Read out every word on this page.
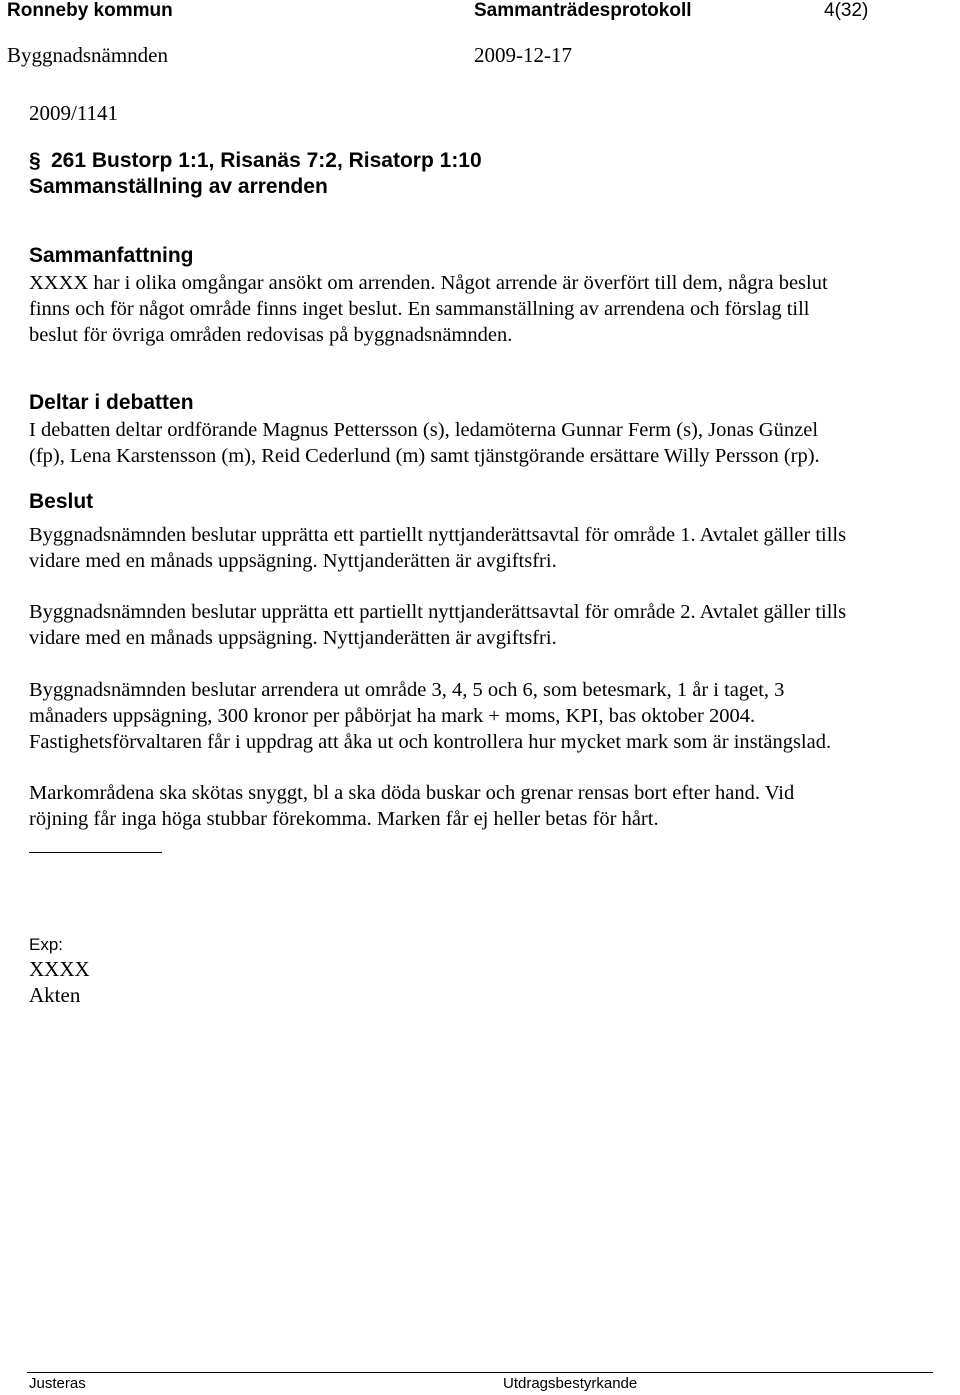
Ronneby kommun	Sammanträdesprotokoll	4(32)
Byggnadsnämnden	2009-12-17
2009/1141
§ 261 Bustorp 1:1, Risanäs 7:2, Risatorp 1:10
Sammanställning av arrenden
Sammanfattning
XXXX har i olika omgångar ansökt om arrenden. Något arrende är överfört till dem, några beslut
finns och för något område finns inget beslut. En sammanställning av arrendena och förslag till
beslut för övriga områden redovisas på byggnadsnämnden.
Deltar i debatten
I debatten deltar ordförande Magnus Pettersson (s), ledamöterna Gunnar Ferm (s), Jonas Günzel
(fp), Lena Karstensson (m), Reid Cederlund (m) samt tjänstgörande ersättare Willy Persson (rp).
Beslut
Byggnadsnämnden beslutar upprätta ett partiellt nyttjanderättsavtal för område 1. Avtalet gäller tills
vidare med en månads uppsägning. Nyttjanderätten är avgiftsfri.
Byggnadsnämnden beslutar upprätta ett partiellt nyttjanderättsavtal för område 2. Avtalet gäller tills
vidare med en månads uppsägning. Nyttjanderätten är avgiftsfri.
Byggnadsnämnden beslutar arrendera ut område 3, 4, 5 och 6, som betesmark, 1 år i taget, 3
månaders uppsägning, 300 kronor per påbörjat ha mark + moms, KPI, bas oktober 2004.
Fastighetsförvaltaren får i uppdrag att åka ut och kontrollera hur mycket mark som är instängslad.
Markområdena ska skötas snyggt, bl a ska döda buskar och grenar rensas bort efter hand. Vid
röjning får inga höga stubbar förekomma. Marken får ej heller betas för hårt.
Exp:
XXXX
Akten
Justeras	Utdragsbestyrkande
